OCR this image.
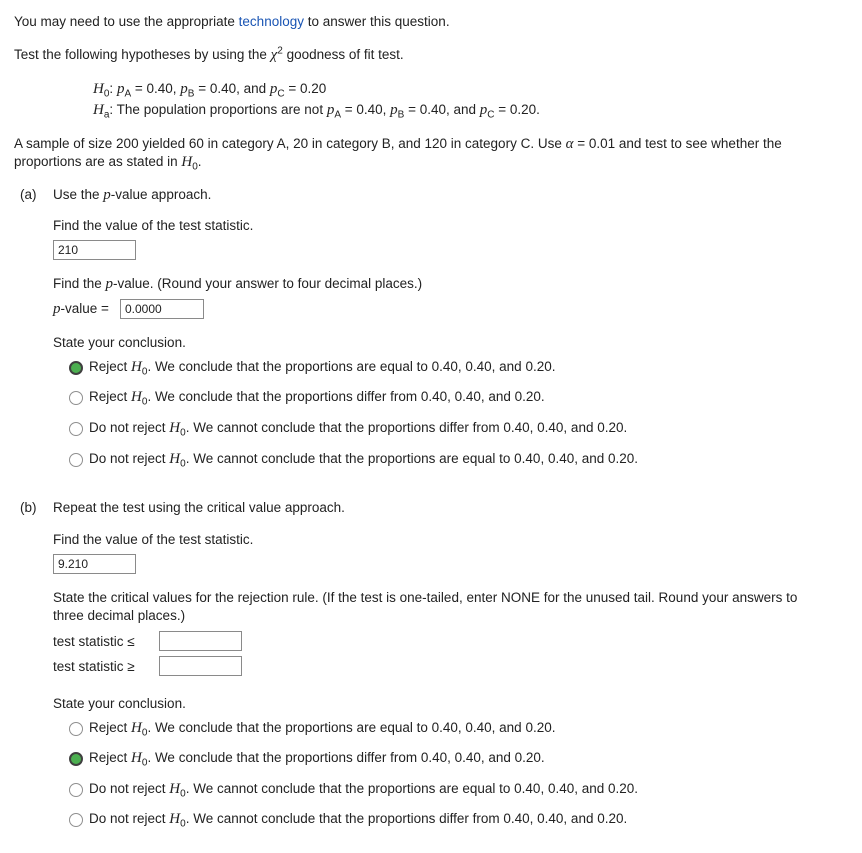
You may need to use the appropriate technology to answer this question.
Test the following hypotheses by using the $\chi^2$ goodness of fit test.
$H_0$: $p_A = 0.40$, $p_B = 0.40$, and $p_C = 0.20$
$H_a$: The population proportions are not $p_A = 0.40$, $p_B = 0.40$, and $p_C = 0.20$.
A sample of size 200 yielded 60 in category A, 20 in category B, and 120 in category C. Use α = 0.01 and test to see whether the proportions are as stated in $H_0$.
(a) Use the p-value approach.
Find the value of the test statistic.
210
Find the p-value. (Round your answer to four decimal places.)
p-value =	0.0000
State your conclusion.
Reject $H_0$. We conclude that the proportions are equal to 0.40, 0.40, and 0.20.
Reject $H_0$. We conclude that the proportions differ from 0.40, 0.40, and 0.20.
Do not reject $H_0$. We cannot conclude that the proportions differ from 0.40, 0.40, and 0.20.
Do not reject $H_0$. We cannot conclude that the proportions are equal to 0.40, 0.40, and 0.20.
(b) Repeat the test using the critical value approach.
Find the value of the test statistic.
9.210
State the critical values for the rejection rule. (If the test is one-tailed, enter NONE for the unused tail. Round your answers to three decimal places.)
test statistic ≤
test statistic ≥
State your conclusion.
Reject $H_0$. We conclude that the proportions are equal to 0.40, 0.40, and 0.20.
Reject $H_0$. We conclude that the proportions differ from 0.40, 0.40, and 0.20.
Do not reject $H_0$. We cannot conclude that the proportions are equal to 0.40, 0.40, and 0.20.
Do not reject $H_0$. We cannot conclude that the proportions differ from 0.40, 0.40, and 0.20.
